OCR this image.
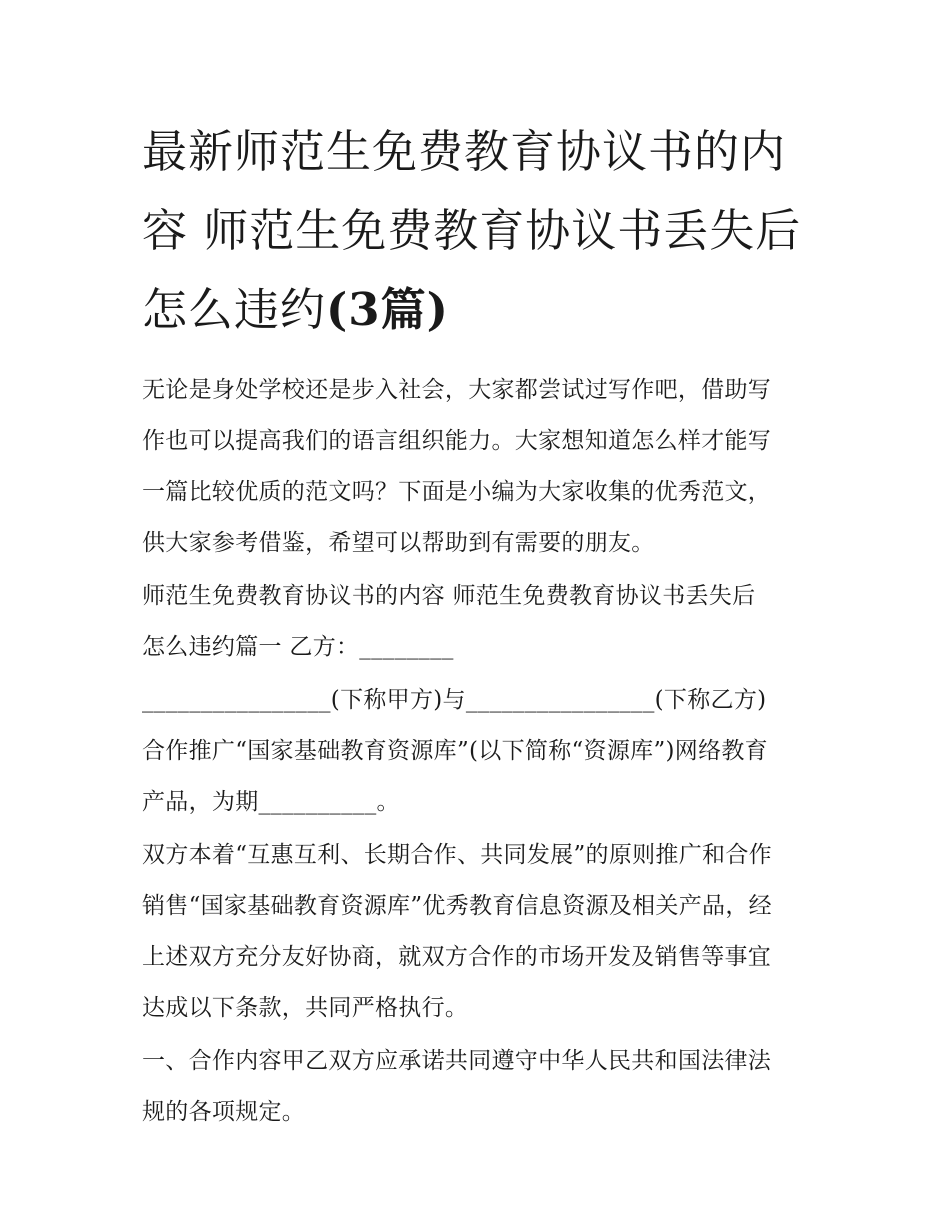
最新师范生免费教育协议书的内容 师范生免费教育协议书丢失后怎么违约(3篇)

无论是身处学校还是步入社会，大家都尝试过写作吧，借助写
作也可以提高我们的语言组织能力。大家想知道怎么样才能写
一篇比较优质的范文吗？下面是小编为大家收集的优秀范文，
供大家参考借鉴，希望可以帮助到有需要的朋友。

师范生免费教育协议书的内容 师范生免费教育协议书丢失后
怎么违约篇一 乙方：________

________________(下称甲方)与________________(下称乙方)
合作推广“国家基础教育资源库”(以下简称“资源库”)网络教育
产品，为期__________。

双方本着“互惠互利、长期合作、共同发展”的原则推广和合作
销售“国家基础教育资源库”优秀教育信息资源及相关产品，经
上述双方充分友好协商，就双方合作的市场开发及销售等事宜
达成以下条款，共同严格执行。

一、合作内容甲乙双方应承诺共同遵守中华人民共和国法律法
规的各项规定。
